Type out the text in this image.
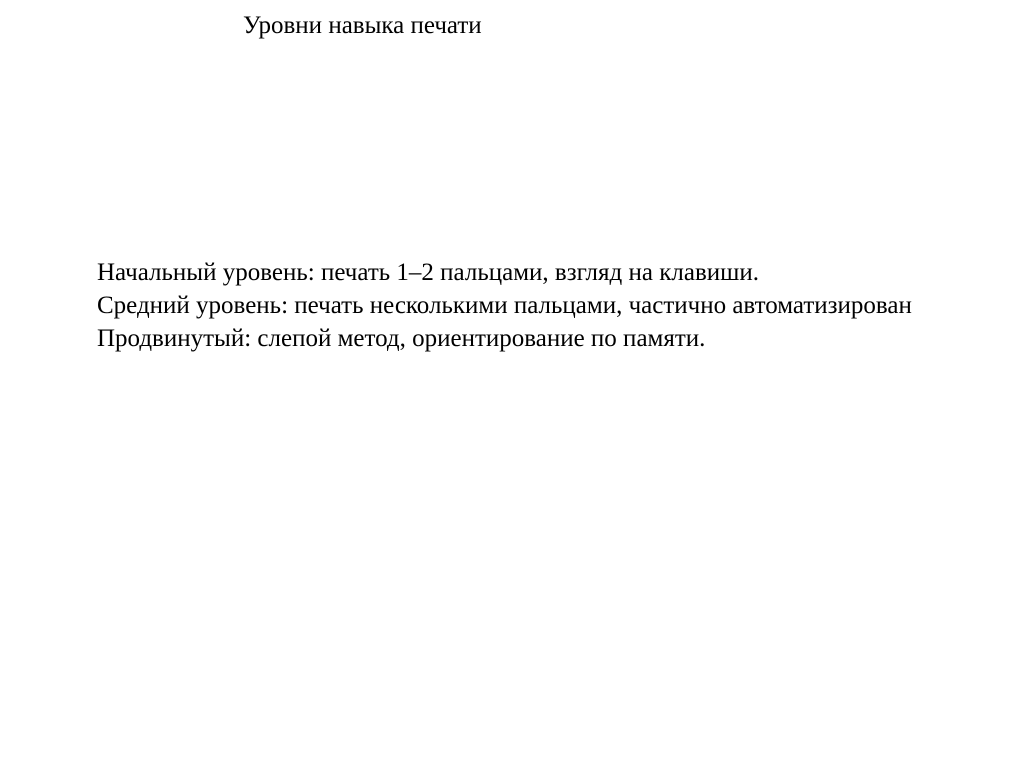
Уровни навыка печати
Начальный уровень: печать 1–2 пальцами, взгляд на клавиши.
Средний уровень: печать несколькими пальцами, частично автоматизирован
Продвинутый: слепой метод, ориентирование по памяти.
